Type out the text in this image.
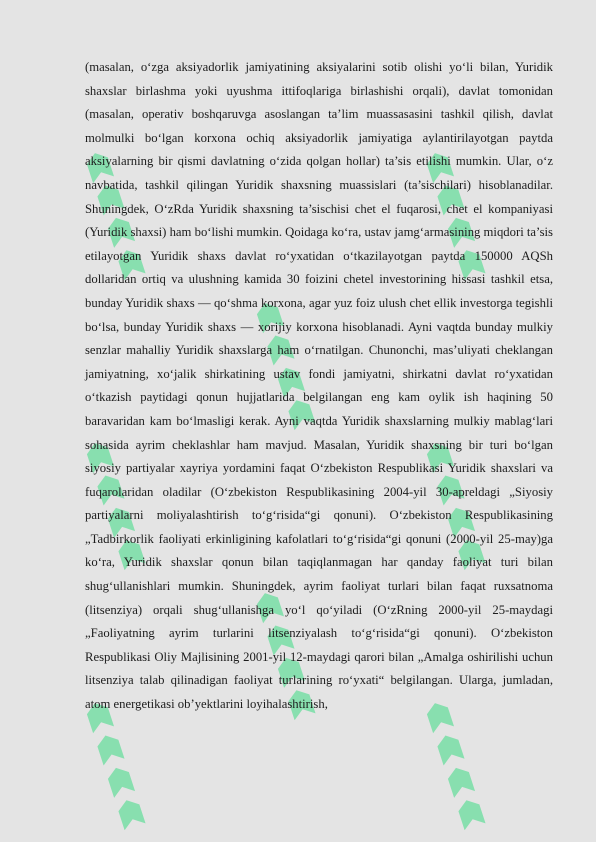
(masalan, o‘zga aksiyadorlik jamiyatining aksiyalarini sotib olishi yo‘li bilan, Yuridik shaxslar birlashma yoki uyushma ittifoqlariga birlashishi orqali), davlat tomonidan (masalan, operativ boshqaruvga asoslangan ta’lim muassasasini tashkil qilish, davlat molmulki bo‘lgan korxona ochiq aksiyadorlik jamiyatiga aylantirilayotgan paytda aksiyalarning bir qismi davlatning o‘zida qolgan hollar) ta’sis etilishi mumkin. Ular, o‘z navbatida, tashkil qilingan Yuridik shaxsning muassislari (ta’sischilari) hisoblanadilar. Shuningdek, O‘zRda Yuridik shaxsning ta’sischisi chet el fuqarosi, chet el kompaniyasi (Yuridik shaxsi) ham bo‘lishi mumkin. Qoidaga ko‘ra, ustav jamg‘armasining miqdori ta’sis etilayotgan Yuridik shaxs davlat ro‘yxatidan o‘tkazilayotgan paytda 150000 AQSh dollaridan ortiq va ulushning kamida 30 foizini chetel investorining hissasi tashkil etsa, bunday Yuridik shaxs — qo‘shma korxona, agar yuz foiz ulush chet ellik investorga tegishli bo‘lsa, bunday Yuridik shaxs — xorijiy korxona hisoblanadi. Ayni vaqtda bunday mulkiy senzlar mahalliy Yuridik shaxslarga ham o‘rnatilgan. Chunonchi, mas’uliyati cheklangan jamiyatning, xo‘jalik shirkatining ustav fondi jamiyatni, shirkatni davlat ro‘yxatidan o‘tkazish paytidagi qonun hujjatlarida belgilangan eng kam oylik ish haqining 50 baravaridan kam bo‘lmasligi kerak. Ayni vaqtda Yuridik shaxslarning mulkiy mablag‘lari sohasida ayrim cheklashlar ham mavjud. Masalan, Yuridik shaxsning bir turi bo‘lgan siyosiy partiyalar xayriya yordamini faqat O‘zbekiston Respublikasi Yuridik shaxslari va fuqarolaridan oladilar (O‘zbekiston Respublikasining 2004-yil 30-apreldagi „Siyosiy partiyalarni moliyalashtirish to‘g‘risida“gi qonuni). O‘zbekiston Respublikasining „Tadbirkorlik faoliyati erkinligining kafolatlari to‘g‘risida“gi qonuni (2000-yil 25-may)ga ko‘ra, Yuridik shaxslar qonun bilan taqiqlanmagan har qanday faoliyat turi bilan shug‘ullanishlari mumkin. Shuningdek, ayrim faoliyat turlari bilan faqat ruxsatnoma (litsenziya) orqali shug‘ullanishga yo‘l qo‘yiladi (O‘zRning 2000-yil 25-maydagi „Faoliyatning ayrim turlarini litsenziyalash to‘g‘risida“gi qonuni). O‘zbekiston Respublikasi Oliy Majlisining 2001-yil 12-maydagi qarori bilan „Amalga oshirilishi uchun litsenziya talab qilinadigan faoliyat turlarining ro‘yxati“ belgilangan. Ularga, jumladan, atom energetikasi ob’yektlarini loyihalashtirish,
